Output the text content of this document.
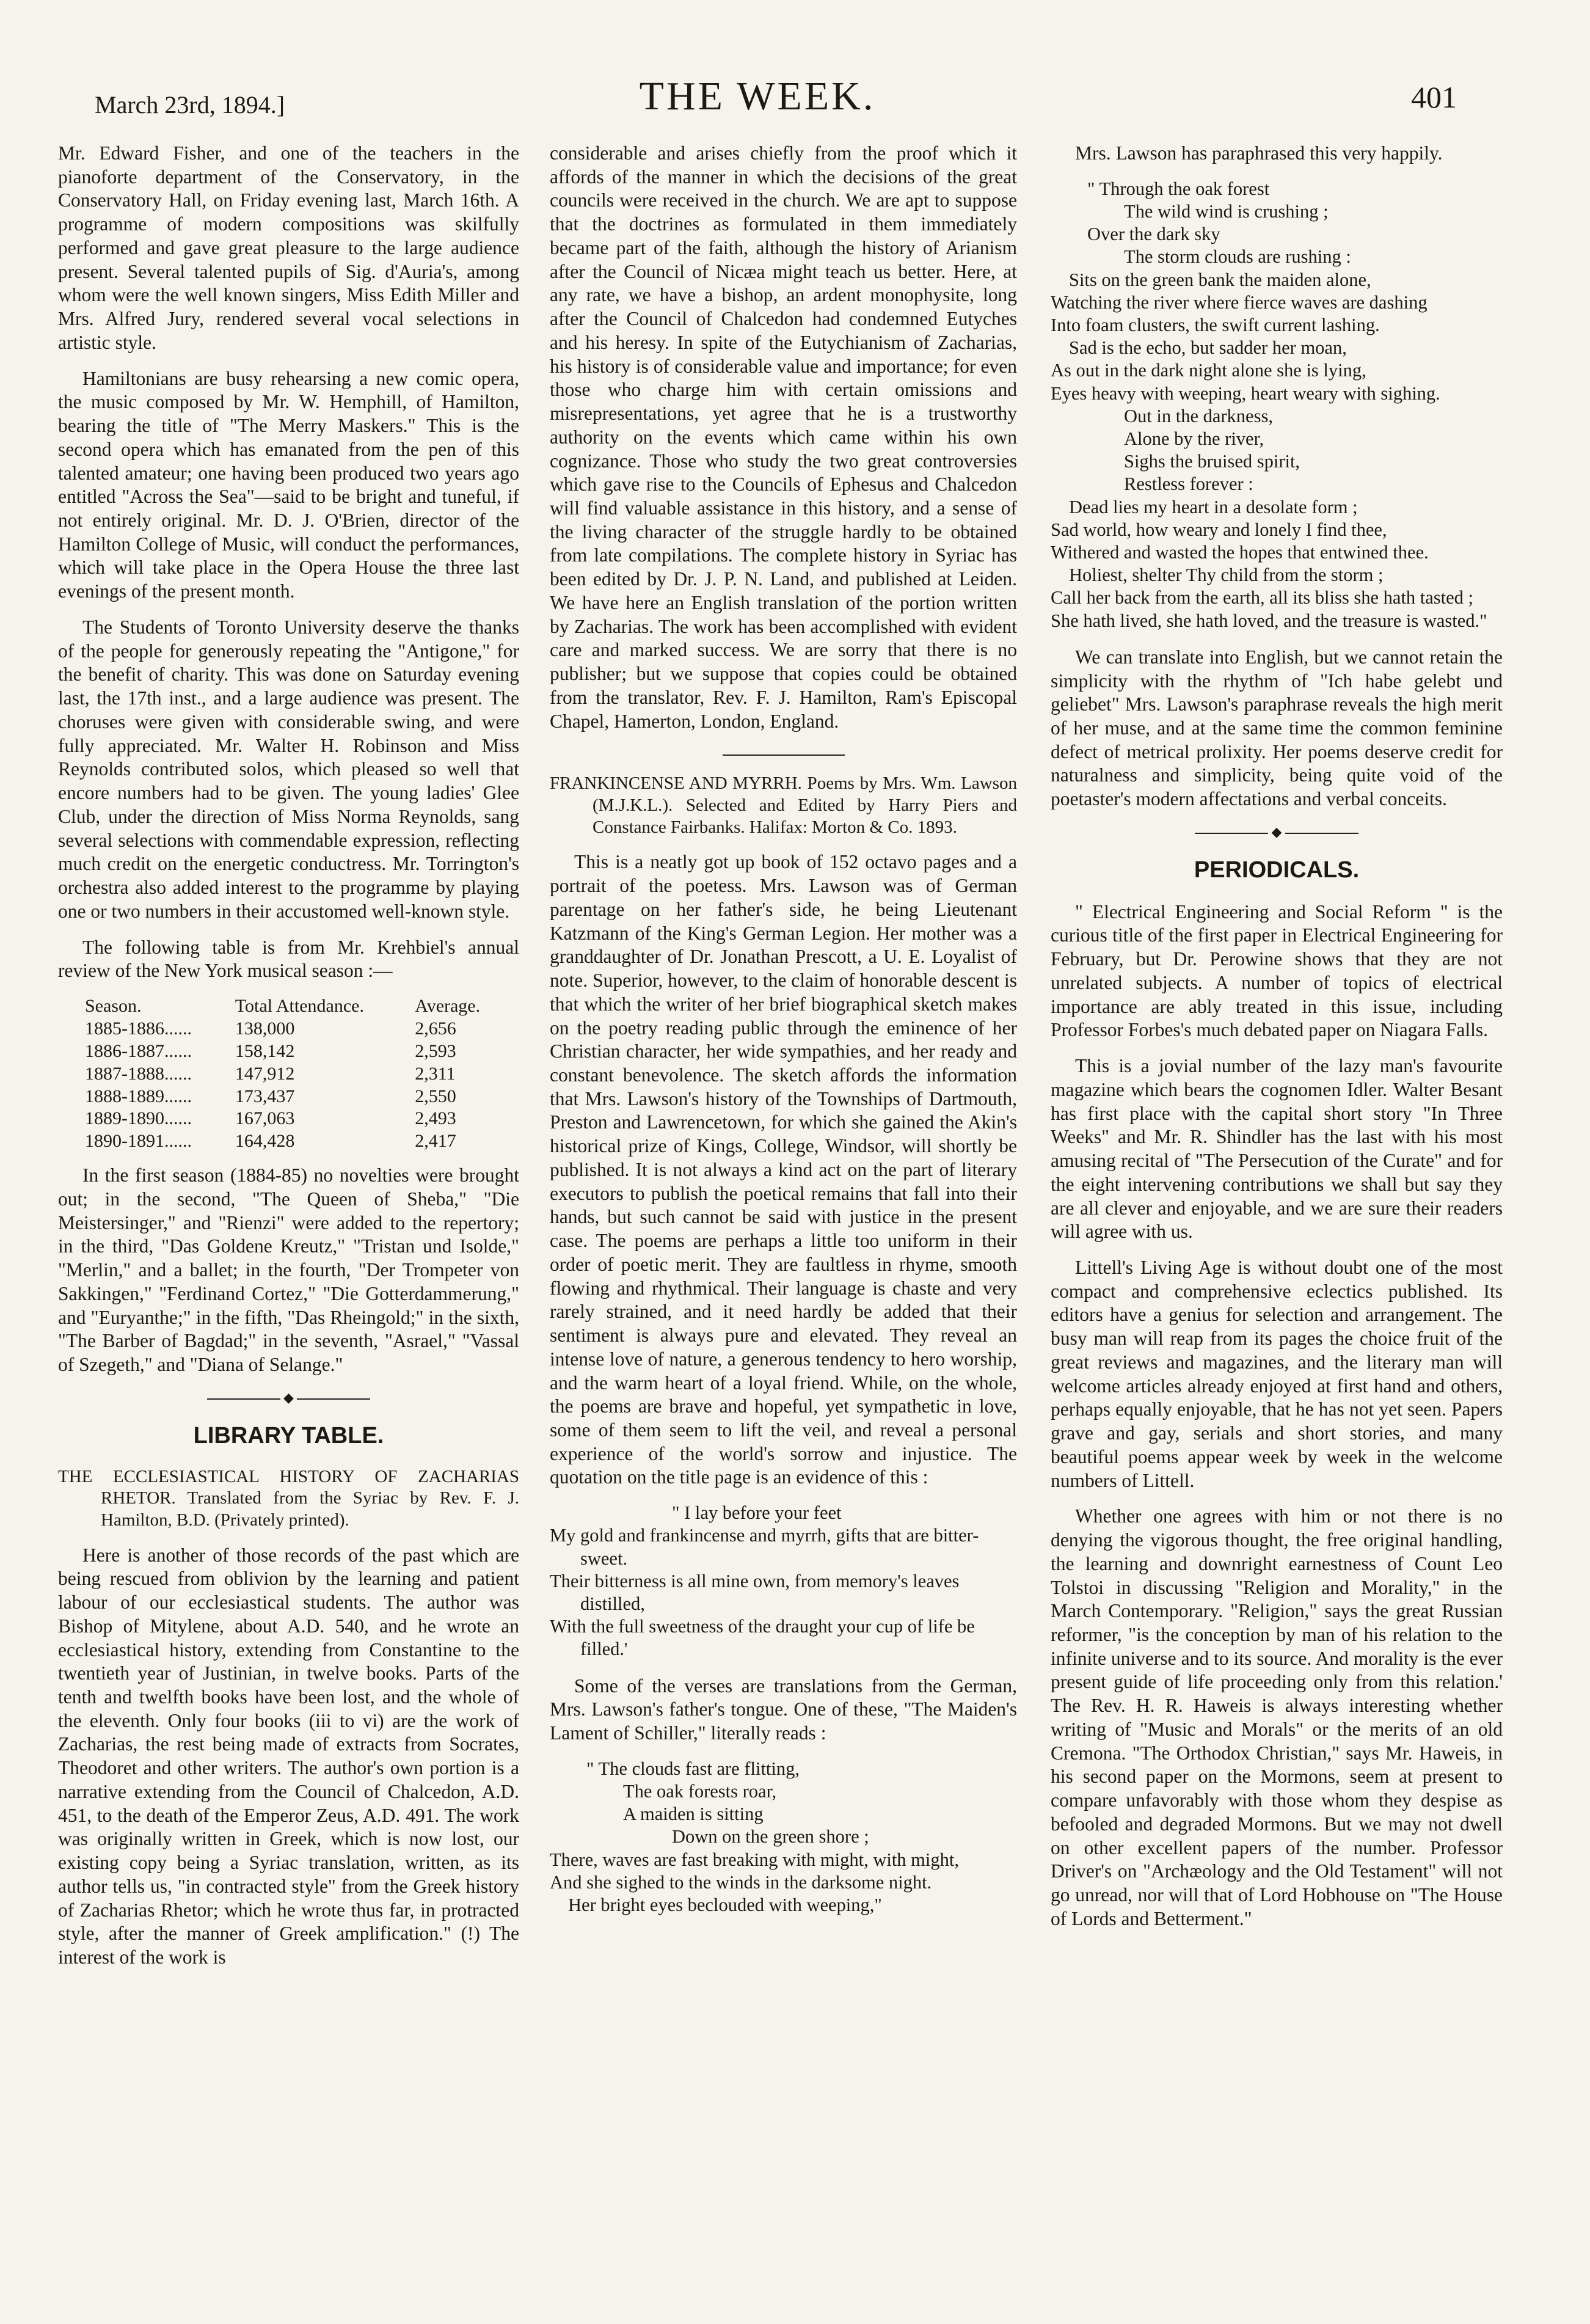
March 23rd, 1894.]	THE WEEK.	401

Mr. Edward Fisher, and one of the teachers in the pianoforte department of the Conservatory, in the Conservatory Hall, on Friday evening last, March 16th. A programme of modern compositions was skilfully performed and gave great pleasure to the large audience present. Several talented pupils of Sig. d'Auria's, among whom were the well known singers, Miss Edith Miller and Mrs. Alfred Jury, rendered several vocal selections in artistic style.

Hamiltonians are busy rehearsing a new comic opera, the music composed by Mr. W. Hemphill, of Hamilton, bearing the title of "The Merry Maskers." This is the second opera which has emanated from the pen of this talented amateur; one having been produced two years ago entitled "Across the Sea"—said to be bright and tuneful, if not entirely original. Mr. D. J. O'Brien, director of the Hamilton College of Music, will conduct the performances, which will take place in the Opera House the three last evenings of the present month.

The Students of Toronto University deserve the thanks of the people for generously repeating the "Antigone," for the benefit of charity. This was done on Saturday evening last, the 17th inst., and a large audience was present. The choruses were given with considerable swing, and were fully appreciated. Mr. Walter H. Robinson and Miss Reynolds contributed solos, which pleased so well that encore numbers had to be given. The young ladies' Glee Club, under the direction of Miss Norma Reynolds, sang several selections with commendable expression, reflecting much credit on the energetic conductress. Mr. Torrington's orchestra also added interest to the programme by playing one or two numbers in their accustomed well-known style.

The following table is from Mr. Krehbiel's annual review of the New York musical season :—

Season.	Total Attendance.	Average.
1885-1886......	138,000	2,656
1886-1887......	158,142	2,593
1887-1888......	147,912	2,311
1888-1889......	173,437	2,550
1889-1890......	167,063	2,493
1890-1891......	164,428	2,417

In the first season (1884-85) no novelties were brought out; in the second, "The Queen of Sheba," "Die Meistersinger," and "Rienzi" were added to the repertory; in the third, "Das Goldene Kreutz," "Tristan und Isolde," "Merlin," and a ballet; in the fourth, "Der Trompeter von Sakkingen," "Ferdinand Cortez," "Die Gotterdammerung," and "Euryanthe;" in the fifth, "Das Rheingold;" in the sixth, "The Barber of Bagdad;" in the seventh, "Asrael," "Vassal of Szegeth," and "Diana of Selange."

◆
LIBRARY TABLE.
THE ECCLESIASTICAL HISTORY OF ZACHARIAS RHETOR. Translated from the Syriac by Rev. F. J. Hamilton, B.D. (Privately printed).

Here is another of those records of the past which are being rescued from oblivion by the learning and patient labour of our ecclesiastical students. The author was Bishop of Mitylene, about A.D. 540, and he wrote an ecclesiastical history, extending from Constantine to the twentieth year of Justinian, in twelve books. Parts of the tenth and twelfth books have been lost, and the whole of the eleventh. Only four books (iii to vi) are the work of Zacharias, the rest being made of extracts from Socrates, Theodoret and other writers. The author's own portion is a narrative extending from the Council of Chalcedon, A.D. 451, to the death of the Emperor Zeus, A.D. 491. The work was originally written in Greek, which is now lost, our existing copy being a Syriac translation, written, as its author tells us, "in contracted style" from the Greek history of Zacharias Rhetor; which he wrote thus far, in protracted style, after the manner of Greek amplification." (!) The interest of the work is

considerable and arises chiefly from the proof which it affords of the manner in which the decisions of the great councils were received in the church. We are apt to suppose that the doctrines as formulated in them immediately became part of the faith, although the history of Arianism after the Council of Nicæa might teach us better. Here, at any rate, we have a bishop, an ardent monophysite, long after the Council of Chalcedon had condemned Eutyches and his heresy. In spite of the Eutychianism of Zacharias, his history is of considerable value and importance; for even those who charge him with certain omissions and misrepresentations, yet agree that he is a trustworthy authority on the events which came within his own cognizance. Those who study the two great controversies which gave rise to the Councils of Ephesus and Chalcedon will find valuable assistance in this history, and a sense of the living character of the struggle hardly to be obtained from late compilations. The complete history in Syriac has been edited by Dr. J. P. N. Land, and published at Leiden. We have here an English translation of the portion written by Zacharias. The work has been accomplished with evident care and marked success. We are sorry that there is no publisher; but we suppose that copies could be obtained from the translator, Rev. F. J. Hamilton, Ram's Episcopal Chapel, Hamerton, London, England.

FRANKINCENSE AND MYRRH. Poems by Mrs. Wm. Lawson (M.J.K.L.). Selected and Edited by Harry Piers and Constance Fairbanks. Halifax: Morton & Co. 1893.

This is a neatly got up book of 152 octavo pages and a portrait of the poetess. Mrs. Lawson was of German parentage on her father's side, he being Lieutenant Katzmann of the King's German Legion. Her mother was a granddaughter of Dr. Jonathan Prescott, a U. E. Loyalist of note. Superior, however, to the claim of honorable descent is that which the writer of her brief biographical sketch makes on the poetry reading public through the eminence of her Christian character, her wide sympathies, and her ready and constant benevolence. The sketch affords the information that Mrs. Lawson's history of the Townships of Dartmouth, Preston and Lawrencetown, for which she gained the Akin's historical prize of Kings, College, Windsor, will shortly be published. It is not always a kind act on the part of literary executors to publish the poetical remains that fall into their hands, but such cannot be said with justice in the present case. The poems are perhaps a little too uniform in their order of poetic merit. They are faultless in rhyme, smooth flowing and rhythmical. Their language is chaste and very rarely strained, and it need hardly be added that their sentiment is always pure and elevated. They reveal an intense love of nature, a generous tendency to hero worship, and the warm heart of a loyal friend. While, on the whole, the poems are brave and hopeful, yet sympathetic in love, some of them seem to lift the veil, and reveal a personal experience of the world's sorrow and injustice. The quotation on the title page is an evidence of this :

" I lay before your feet
My gold and frankincense and myrrh, gifts that are bitter-sweet.
Their bitterness is all mine own, from memory's leaves distilled,
With the full sweetness of the draught your cup of life be filled.'

Some of the verses are translations from the German, Mrs. Lawson's father's tongue. One of these, "The Maiden's Lament of Schiller," literally reads :

" The clouds fast are flitting,
The oak forests roar,
A maiden is sitting
Down on the green shore ;
There, waves are fast breaking with might, with might,
And she sighed to the winds in the darksome night.
Her bright eyes beclouded with weeping,"

Mrs. Lawson has paraphrased this very happily.

" Through the oak forest
The wild wind is crushing ;
Over the dark sky
The storm clouds are rushing :
Sits on the green bank the maiden alone,
Watching the river where fierce waves are dashing
Into foam clusters, the swift current lashing.
Sad is the echo, but sadder her moan,
As out in the dark night alone she is lying,
Eyes heavy with weeping, heart weary with sighing.
Out in the darkness,
Alone by the river,
Sighs the bruised spirit,
Restless forever :
Dead lies my heart in a desolate form ;
Sad world, how weary and lonely I find thee,
Withered and wasted the hopes that entwined thee.
Holiest, shelter Thy child from the storm ;
Call her back from the earth, all its bliss she hath tasted ;
She hath lived, she hath loved, and the treasure is wasted."

We can translate into English, but we cannot retain the simplicity with the rhythm of "Ich habe gelebt und geliebet" Mrs. Lawson's paraphrase reveals the high merit of her muse, and at the same time the common feminine defect of metrical prolixity. Her poems deserve credit for naturalness and simplicity, being quite void of the poetaster's modern affectations and verbal conceits.

◆
PERIODICALS.

" Electrical Engineering and Social Reform " is the curious title of the first paper in Electrical Engineering for February, but Dr. Perowine shows that they are not unrelated subjects. A number of topics of electrical importance are ably treated in this issue, including Professor Forbes's much debated paper on Niagara Falls.

This is a jovial number of the lazy man's favourite magazine which bears the cognomen Idler. Walter Besant has first place with the capital short story "In Three Weeks" and Mr. R. Shindler has the last with his most amusing recital of "The Persecution of the Curate" and for the eight intervening contributions we shall but say they are all clever and enjoyable, and we are sure their readers will agree with us.

Littell's Living Age is without doubt one of the most compact and comprehensive eclectics published. Its editors have a genius for selection and arrangement. The busy man will reap from its pages the choice fruit of the great reviews and magazines, and the literary man will welcome articles already enjoyed at first hand and others, perhaps equally enjoyable, that he has not yet seen. Papers grave and gay, serials and short stories, and many beautiful poems appear week by week in the welcome numbers of Littell.

Whether one agrees with him or not there is no denying the vigorous thought, the free original handling, the learning and downright earnestness of Count Leo Tolstoi in discussing "Religion and Morality," in the March Contemporary. "Religion," says the great Russian reformer, "is the conception by man of his relation to the infinite universe and to its source. And morality is the ever present guide of life proceeding only from this relation.' The Rev. H. R. Haweis is always interesting whether writing of "Music and Morals" or the merits of an old Cremona. "The Orthodox Christian," says Mr. Haweis, in his second paper on the Mormons, seem at present to compare unfavorably with those whom they despise as befooled and degraded Mormons. But we may not dwell on other excellent papers of the number. Professor Driver's on "Archæology and the Old Testament" will not go unread, nor will that of Lord Hobhouse on "The House of Lords and Betterment."
